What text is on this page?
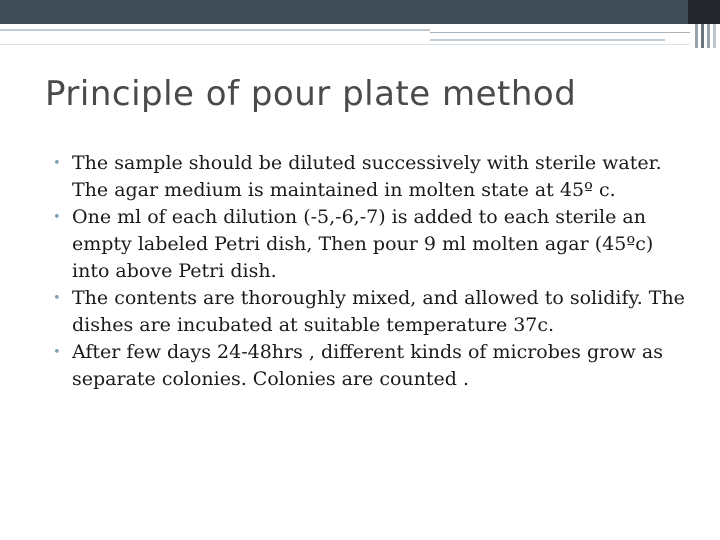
Principle of pour plate method
• The sample should be diluted successively with sterile water. The agar medium is maintained in molten state at 45º c.
• One ml of each dilution (-5,-6,-7) is added to each sterile an empty labeled Petri dish, Then pour 9 ml molten agar (45ºc) into above Petri dish.
• The contents are thoroughly mixed, and allowed to solidify. The dishes are incubated at suitable temperature 37c.
• After few days 24-48hrs , different kinds of microbes grow as separate colonies. Colonies are counted .
